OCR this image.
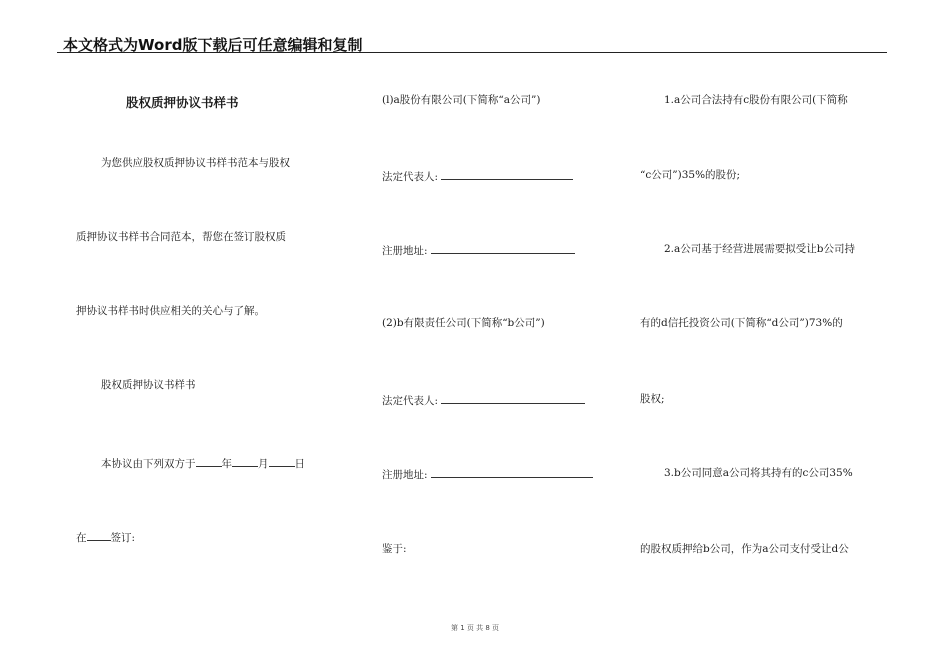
本文格式为Word版下载后可任意编辑和复制
股权质押协议书样书
为您供应股权质押协议书样书范本与股权
质押协议书样书合同范本，帮您在签订股权质
押协议书样书时供应相关的关心与了解。
股权质押协议书样书
本协议由下列双方于 年 月 日
在 签订:
(l)a股份有限公司(下简称“a公司”)
法定代表人:
注册地址:
(2)b有限责任公司(下简称“b公司”)
法定代表人:
注册地址:
鉴于:
1.a公司合法持有c股份有限公司(下简称
“c公司”)35%的股份;
2.a公司基于经营进展需要拟受让b公司持
有的d信托投资公司(下简称“d公司”)73%的
股权;
3.b公司同意a公司将其持有的c公司35%
的股权质押给b公司，作为a公司支付受让d公
第 1 页 共 8 页
